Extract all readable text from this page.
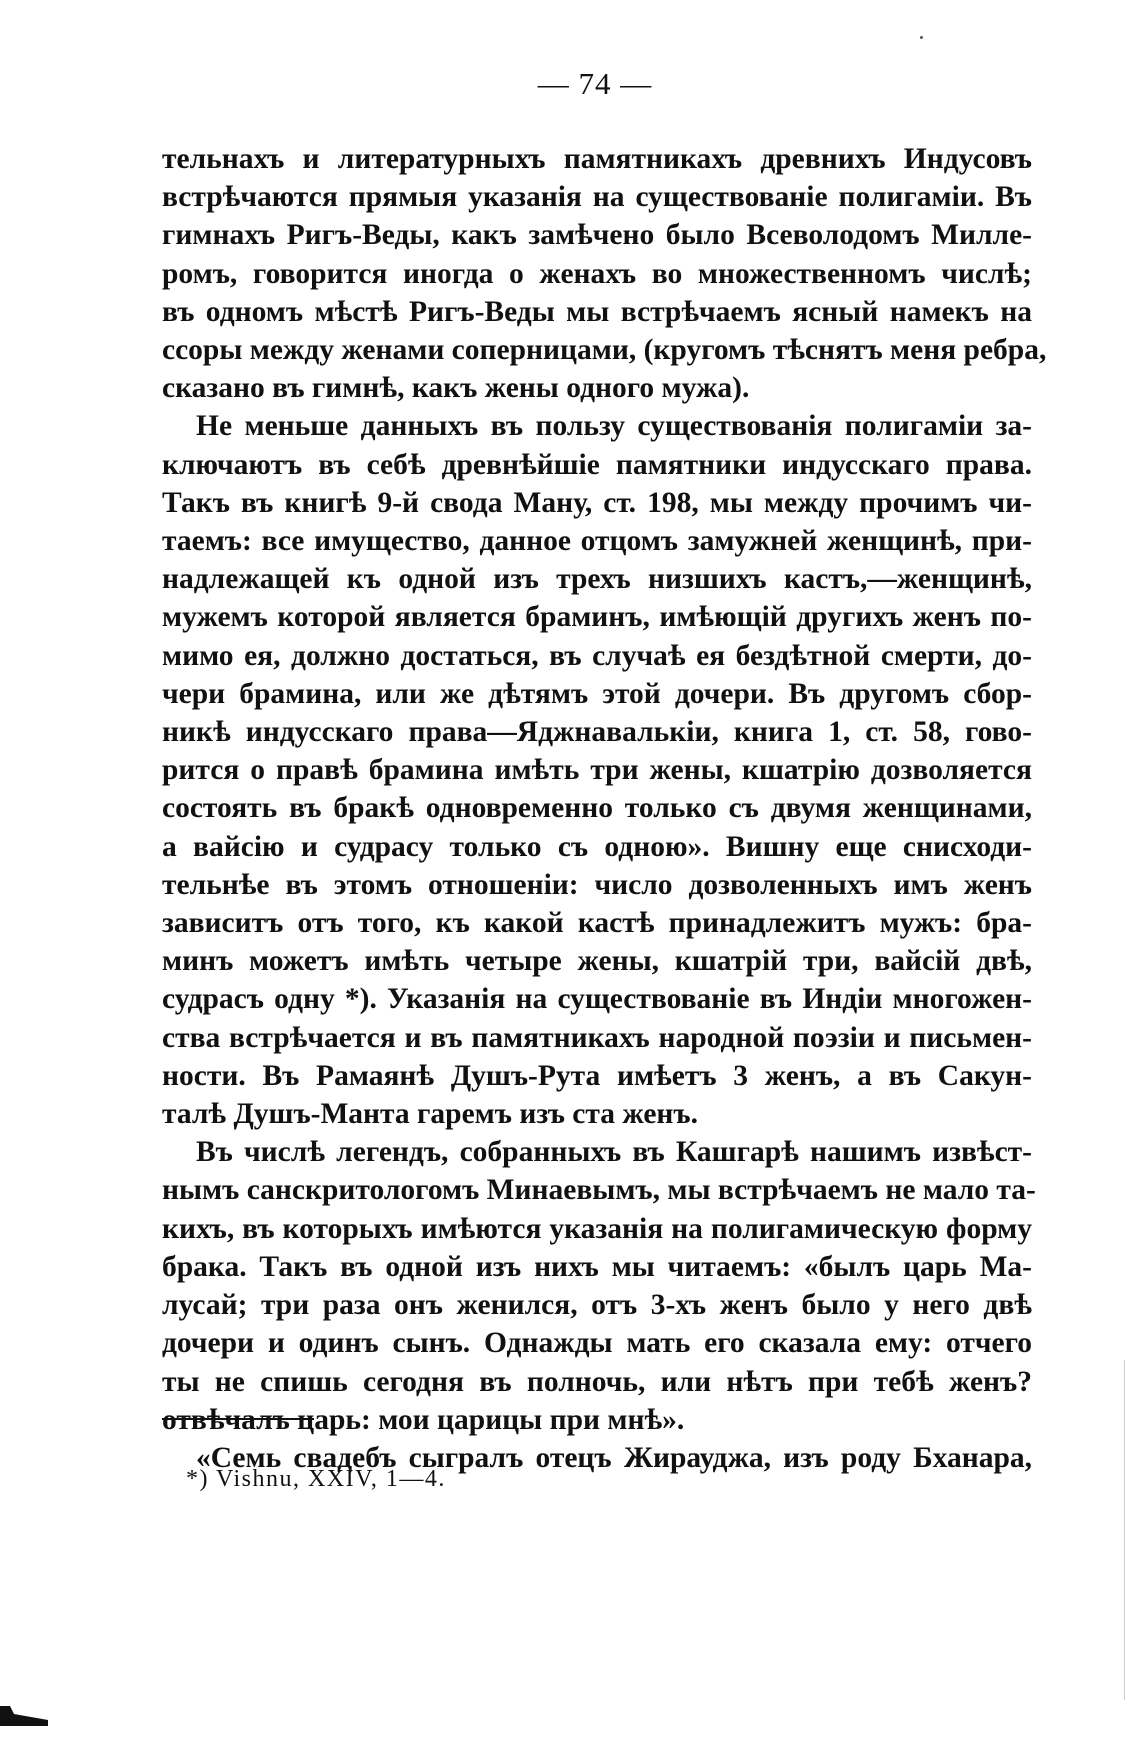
— 74 —
тельнахъ и литературныхъ памятникахъ древнихъ Индусовъ
встрѣчаются прямыя указанія на существованіе полигаміи. Въ
гимнахъ Ригъ-Веды, какъ замѣчено было Всеволодомъ Милле-
ромъ, говорится иногда о женахъ во множественномъ числѣ;
въ одномъ мѣстѣ Ригъ-Веды мы встрѣчаемъ ясный намекъ на
ссоры между женами соперницами, (кругомъ тѣснятъ меня ребра,
сказано въ гимнѣ, какъ жены одного мужа).
Не меньше данныхъ въ пользу существованія полигаміи за-
ключаютъ въ себѣ древнѣйшіе памятники индусскаго права.
Такъ въ книгѣ 9-й свода Ману, ст. 198, мы между прочимъ чи-
таемъ: все имущество, данное отцомъ замужней женщинѣ, при-
надлежащей къ одной изъ трехъ низшихъ кастъ,—женщинѣ,
мужемъ которой является браминъ, имѣющій другихъ женъ по-
мимо ея, должно достаться, въ случаѣ ея бездѣтной смерти, до-
чери брамина, или же дѣтямъ этой дочери. Въ другомъ сбор-
никѣ индусскаго права—Яджнавалькіи, книга 1, ст. 58, гово-
рится о правѣ брамина имѣть три жены, кшатрію дозволяется
состоять въ бракѣ одновременно только съ двумя женщинами,
а вайсію и судрасу только съ одною». Вишну еще снисходи-
тельнѣе въ этомъ отношеніи: число дозволенныхъ имъ женъ
зависитъ отъ того, къ какой кастѣ принадлежитъ мужъ: бра-
минъ можетъ имѣть четыре жены, кшатрій три, вайсій двѣ,
судрасъ одну *). Указанія на существованіе въ Индіи многожен-
ства встрѣчается и въ памятникахъ народной поэзіи и письмен-
ности. Въ Рамаянѣ Душъ-Рута имѣетъ 3 женъ, а въ Сакун-
талѣ Душъ-Манта гаремъ изъ ста женъ.
Въ числѣ легендъ, собранныхъ въ Кашгарѣ нашимъ извѣст-
нымъ санскритологомъ Минаевымъ, мы встрѣчаемъ не мало та-
кихъ, въ которыхъ имѣются указанія на полигамическую форму
брака. Такъ въ одной изъ нихъ мы читаемъ: «былъ царь Ма-
лусай; три раза онъ женился, отъ 3-хъ женъ было у него двѣ
дочери и одинъ сынъ. Однажды мать его сказала ему: отчего
ты не спишь сегодня въ полночь, или нѣтъ при тебѣ женъ?
отвѣчалъ царь: мои царицы при мнѣ».
«Семь свадебъ сыгралъ отецъ Жирауджа, изъ роду Бханара,
*) Vishnu, XXIV, 1—4.
